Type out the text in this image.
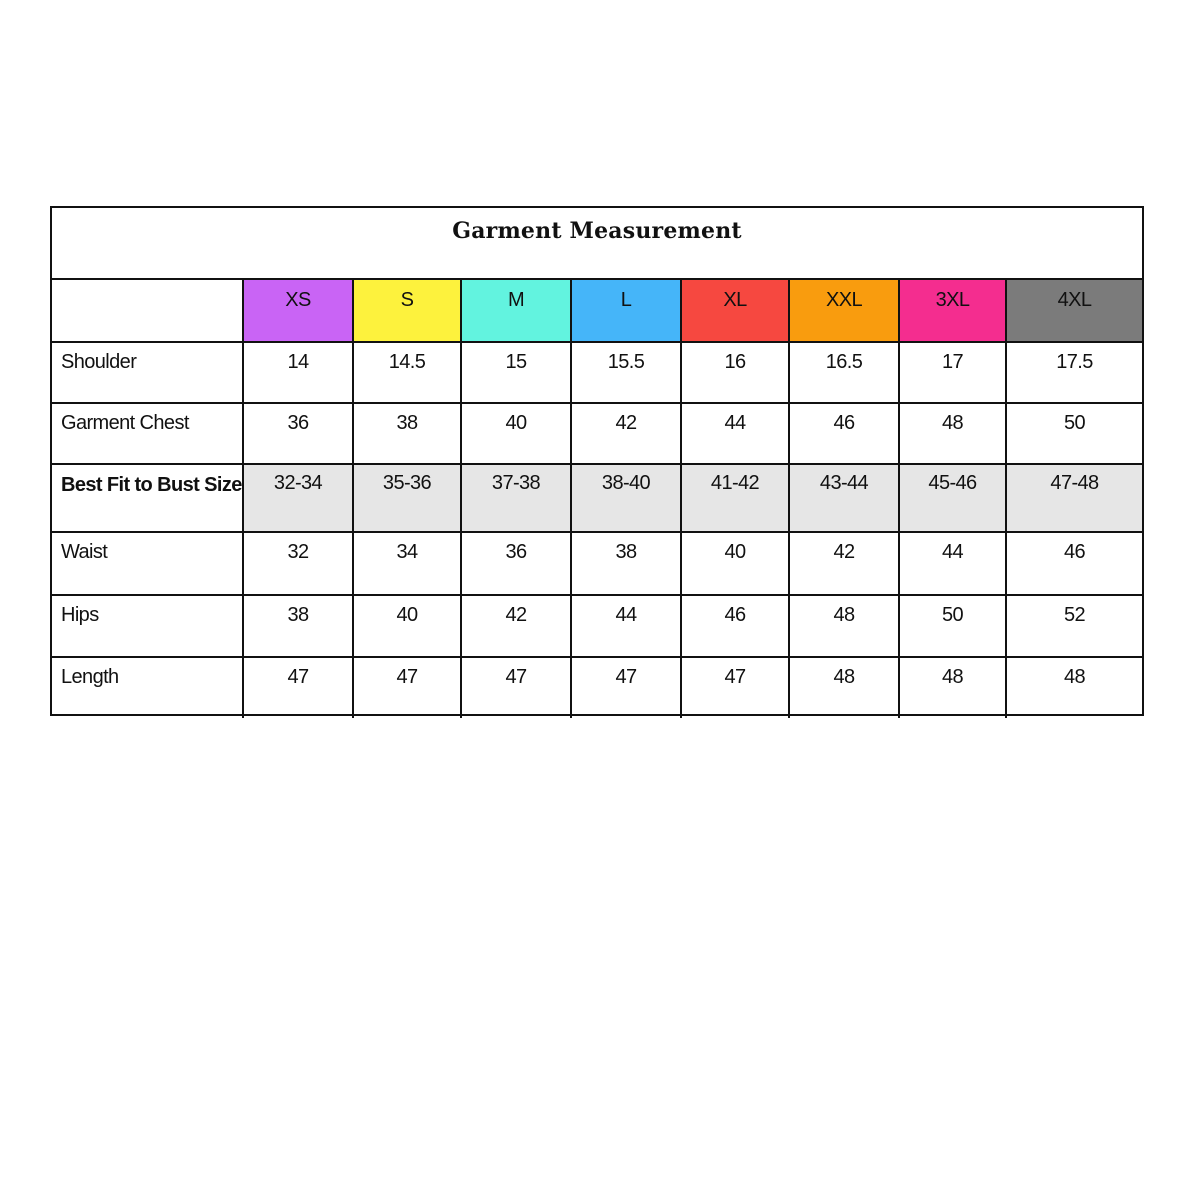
Garment Measurement
	XS	S	M	L	XL	XXL	3XL	4XL
Shoulder	14	14.5	15	15.5	16	16.5	17	17.5
Garment Chest	36	38	40	42	44	46	48	50
Best Fit to Bust Size	32-34	35-36	37-38	38-40	41-42	43-44	45-46	47-48
Waist	32	34	36	38	40	42	44	46
Hips	38	40	42	44	46	48	50	52
Length	47	47	47	47	47	48	48	48
